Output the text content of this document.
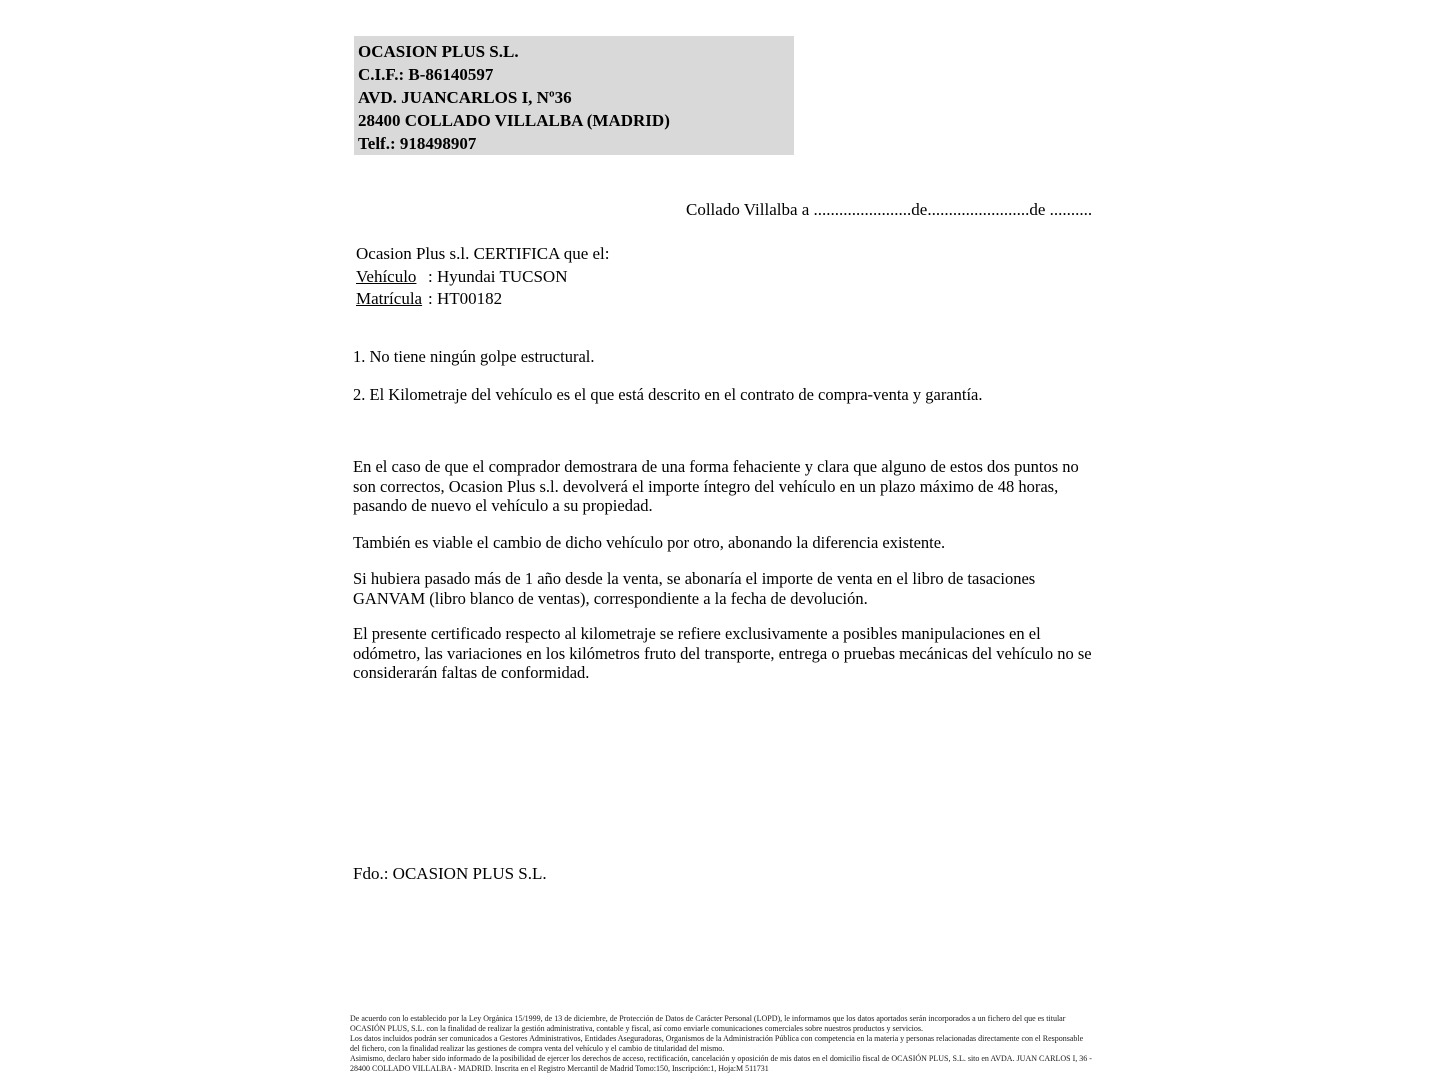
OCASION PLUS S.L.
C.I.F.: B-86140597
AVD. JUANCARLOS I, Nº36
28400 COLLADO VILLALBA (MADRID)
Telf.: 918498907
Collado Villalba a .......................de........................de ..........
Ocasion Plus s.l. CERTIFICA que el:
Vehículo : Hyundai TUCSON
Matrícula : HT00182
1. No tiene ningún golpe estructural.
2. El Kilometraje del vehículo es el que está descrito en el contrato de compra-venta y garantía.
En el caso de que el comprador demostrara de una forma fehaciente y clara que alguno de estos dos puntos no son correctos, Ocasion Plus s.l. devolverá el importe íntegro del vehículo en un plazo máximo de 48 horas, pasando de nuevo el vehículo a su propiedad.
También es viable el cambio de dicho vehículo por otro, abonando la diferencia existente.
Si hubiera pasado más de 1 año desde la venta, se abonaría el importe de venta en el libro de tasaciones GANVAM (libro blanco de ventas), correspondiente a la fecha de devolución.
El presente certificado respecto al kilometraje se refiere exclusivamente a posibles manipulaciones en el odómetro, las variaciones en los kilómetros fruto del transporte, entrega o pruebas mecánicas del vehículo no se considerarán faltas de conformidad.
Fdo.: OCASION PLUS S.L.

De acuerdo con lo establecido por la Ley Orgánica 15/1999, de 13 de diciembre, de Protección de Datos de Carácter Personal (LOPD), le informamos que los datos aportados serán incorporados a un fichero del que es titular OCASIÓN PLUS, S.L. con la finalidad de realizar la gestión administrativa, contable y fiscal, así como enviarle comunicaciones comerciales sobre nuestros productos y servicios.

Los datos incluidos podrán ser comunicados a Gestores Administrativos, Entidades Aseguradoras, Organismos de la Administración Pública con competencia en la materia y personas relacionadas directamente con el Responsable del fichero, con la finalidad realizar las gestiones de compra venta del vehículo y el cambio de titularidad del mismo.

Asimismo, declaro haber sido informado de la posibilidad de ejercer los derechos de acceso, rectificación, cancelación y oposición de mis datos en el domicilio fiscal de OCASIÓN PLUS, S.L. sito en AVDA. JUAN CARLOS I, 36 - 28400 COLLADO VILLALBA - MADRID. Inscrita en el Registro Mercantil de Madrid Tomo:150, Inscripción:1, Hoja:M 511731
